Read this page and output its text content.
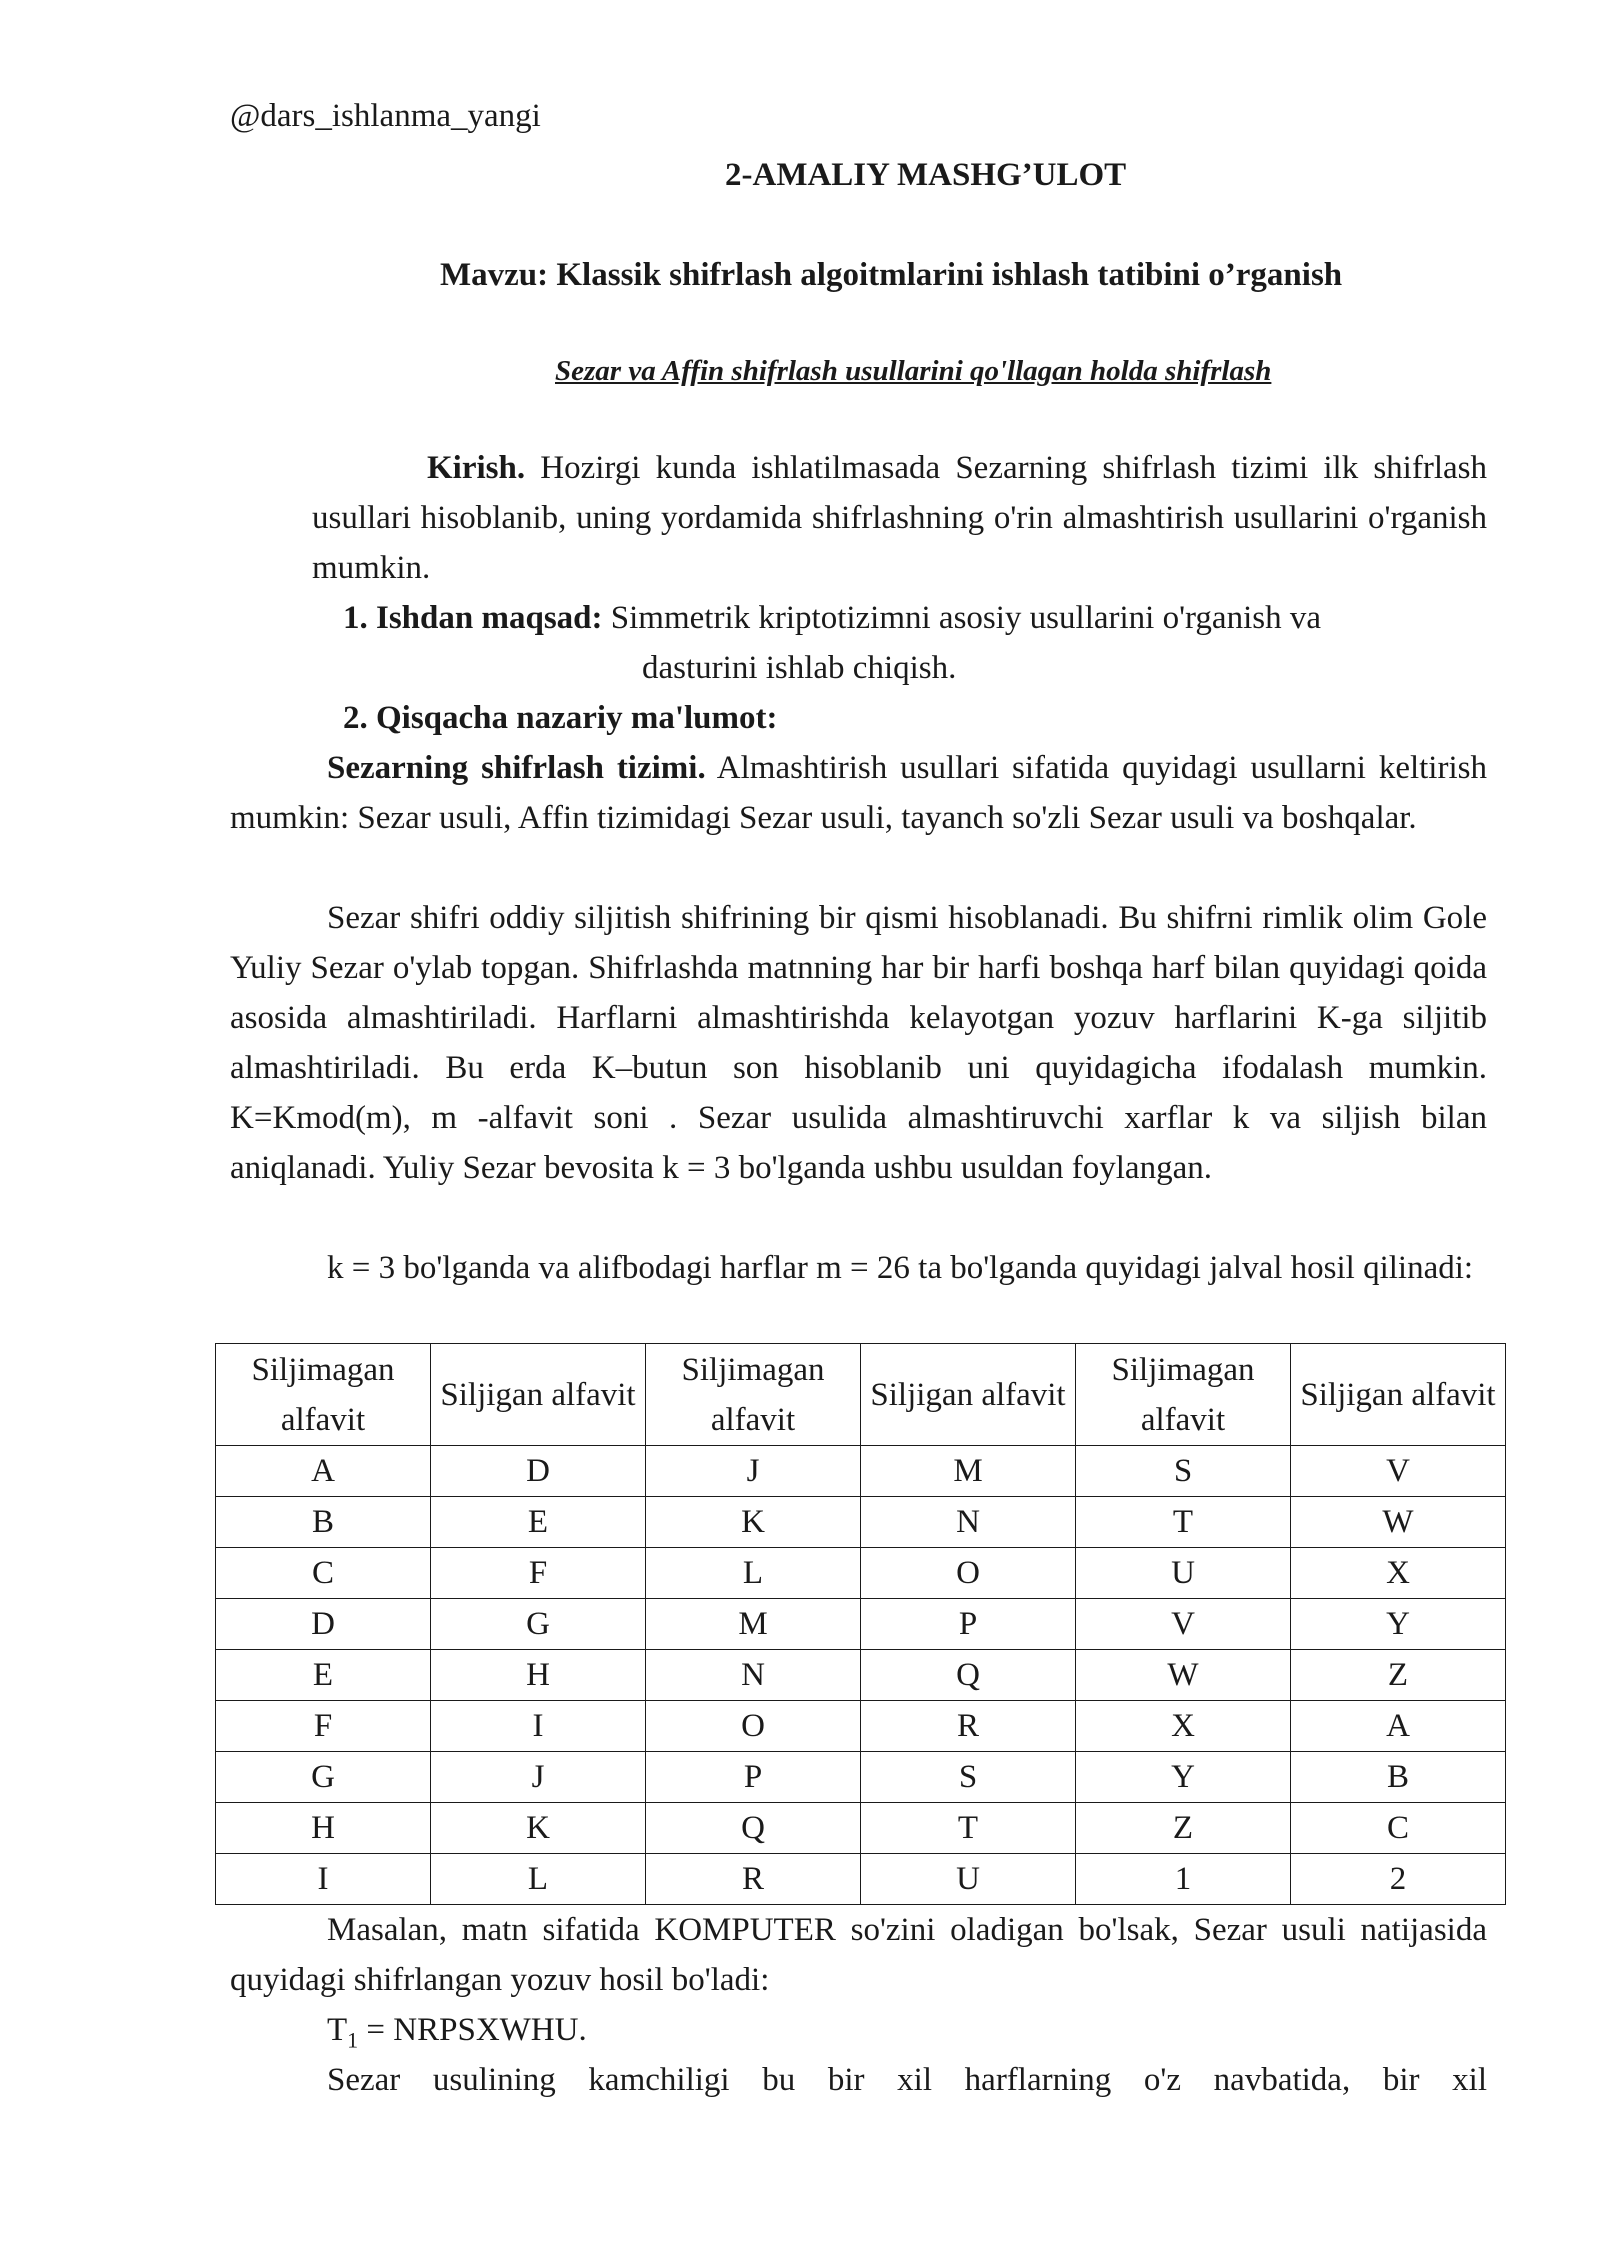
@dars_ishlanma_yangi
2-AMALIY MASHG’ULOT
Mavzu: Klassik shifrlash algoitmlarini ishlash tatibini o’rganish
Sezar va Affin shifrlash usullarini qo'llagan holda shifrlash

Kirish. Hozirgi kunda ishlatilmasada Sezarning shifrlash tizimi ilk shifrlash usullari hisoblanib, uning yordamida shifrlashning o'rin almashtirish usullarini o'rganish mumkin.

1. Ishdan maqsad: Simmetrik kriptotizimni asosiy usullarini o'rganish va
dasturini ishlab chiqish.

2. Qisqacha nazariy ma'lumot:

Sezarning shifrlash tizimi. Almashtirish usullari sifatida quyidagi usullarni keltirish mumkin: Sezar usuli, Affin tizimidagi Sezar usuli, tayanch so'zli Sezar usuli va boshqalar.

Sezar shifri oddiy siljitish shifrining bir qismi hisoblanadi. Bu shifrni rimlik olim Gole Yuliy Sezar o'ylab topgan. Shifrlashda matnning har bir harfi boshqa harf bilan quyidagi qoida asosida almashtiriladi. Harflarni almashtirishda kelayotgan yozuv harflarini K-ga siljitib almashtiriladi. Bu erda K–butun son hisoblanib uni quyidagicha ifodalash mumkin. K=Kmod(m), m -alfavit soni . Sezar usulida almashtiruvchi xarflar k va siljish bilan aniqlanadi. Yuliy Sezar bevosita k = 3 bo'lganda ushbu usuldan foylangan.

k = 3 bo'lganda va alifbodagi harflar m = 26 ta bo'lganda quyidagi jalval hosil qilinadi:

Siljimagan alfavit	Siljigan alfavit	Siljimagan alfavit	Siljigan alfavit	Siljimagan alfavit	Siljigan alfavit
A	D	J	M	S	V
B	E	K	N	T	W
C	F	L	O	U	X
D	G	M	P	V	Y
E	H	N	Q	W	Z
F	I	O	R	X	A
G	J	P	S	Y	B
H	K	Q	T	Z	C
I	L	R	U	1	2

Masalan, matn sifatida KOMPUTER so'zini oladigan bo'lsak, Sezar usuli natijasida quyidagi shifrlangan yozuv hosil bo'ladi:

$T_1$ = NRPSXWHU.

Sezar usulining kamchiligi bu bir xil harflarning o'z navbatida, bir xil
